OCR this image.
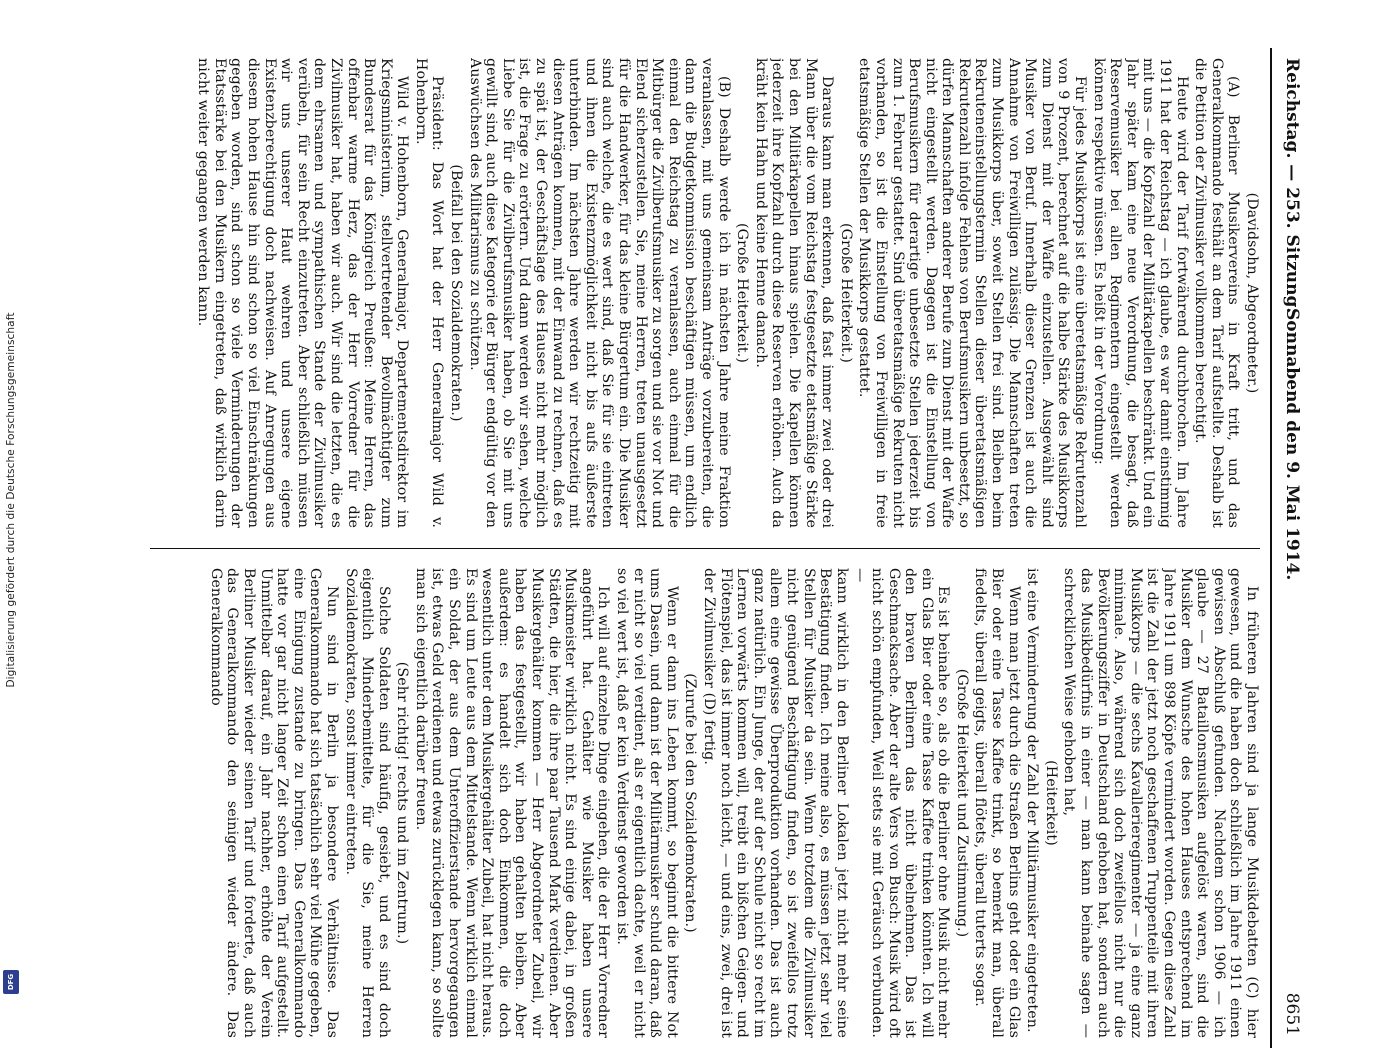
Digitalisierung gefördert durch die Deutsche Forschungsgemeinschaft
DFG
Reichstag. — 253. Sitzung.
Sonnabend den 9. Mai 1914.
8651

(Davidsohn, Abgeordneter.)

(A) Berliner Musikervereins in Kraft tritt, und das Generalkommando festhält an dem Tarif aufstellte. Deshalb ist die Petition der Zivilmusiker vollkommen berechtigt.

Heute wird der Tarif fortwährend durchbrochen. Im Jahre 1911 hat der Reichstag — ich glaube, es war damit einstimmig mit uns — die Kopfzahl der Militärkapellen beschränkt. Und ein Jahr später kam eine neue Verordnung, die besagt, daß Reservemusiker bei allen Regimentern eingestellt werden können respektive müssen. Es heißt in der Verordnung:

Für jedes Musikkorps ist eine überetatsmäßige Rekrutenzahl von 9 Prozent, berechnet auf die halbe Stärke des Musikkorps zum Dienst mit der Waffe einzustellen. Ausgewählt sind Musiker von Beruf. Innerhalb dieser Grenzen ist auch die Annahme von Freiwilligen zulässig. Die Mannschaften treten zum Musikkorps über, soweit Stellen frei sind. Bleiben beim Rekruteneinstellungstermin Stellen dieser überetatsmäßigen Rekrutenzahl infolge Fehlens von Berufsmusikern unbesetzt, so dürfen Mannschaften anderer Berufe zum Dienst mit der Waffe nicht eingestellt werden. Dagegen ist die Einstellung von Berufsmusikern für derartige unbesetzte Stellen jederzeit bis zum 1. Februar gestattet. Sind überetatsmäßige Rekruten nicht vorhanden, so ist die Einstellung von Freiwilligen in freie etatsmäßige Stellen der Musikkorps gestattet.

(Große Heiterkeit.)

Daraus kann man erkennen, daß fast immer zwei oder drei Mann über die vom Reichstag festgesetzte etatsmäßige Stärke bei den Militärkapellen hinaus spielen. Die Kapellen können jederzeit ihre Kopfzahl durch diese Reserven erhöhen. Auch da kräht kein Hahn und keine Henne danach.

(Große Heiterkeit.)

(B) Deshalb werde ich in nächsten Jahre meine Fraktion veranlassen, mit uns gemeinsam Anträge vorzubereiten, die dann die Budgetkommission beschäftigen müssen, um endlich einmal den Reichstag zu veranlassen, auch einmal für die Mitbürger die Zivilberufsmusiker zu sorgen und sie vor Not und Elend sicherzustellen. Sie, meine Herren, treten unausgesetzt für die Handwerker, für das kleine Bürgertum ein. Die Musiker sind auch welche, die es wert sind, daß Sie für sie eintreten und ihnen die Existenzmöglichkeit nicht bis aufs äußerste unterbinden. Im nächsten Jahre werden wir rechtzeitig mit diesen Anträgen kommen, mit der Einwand zu rechnen, daß es zu spät ist, der Geschäftslage des Hauses nicht mehr möglich ist, die Frage zu erörtern. Und dann werden wir sehen, welche Liebe Sie für die Zivilberufsmusiker haben, ob Sie mit uns gewillt sind, auch diese Kategorie der Bürger endgültig vor den Auswüchsen des Militarismus zu schützen.

(Beifall bei den Sozialdemokraten.)

Präsident: Das Wort hat der Herr Generalmajor Wild v. Hohenborn.

Wild v. Hohenborn, Generalmajor, Departementsdirektor im Kriegsministerium, stellvertretender Bevollmächtigter zum Bundesrat für das Königreich Preußen: Meine Herren, das offenbar warme Herz, das der Herr Vorredner für die Zivilmusiker hat, haben wir auch. Wir sind die letzten, die es dem ehrsamen und sympathischen Stande der Zivilmusiker verübeln, für sein Recht einzutreten. Aber schließlich müssen wir uns unserer Haut wehren und unsere eigene Existenzberechtigung doch nachweisen. Auf Anregungen aus diesem hohen Hause hin sind schon so viel Einschränkungen gegeben worden, sind schon so viele Verminderungen der Etatsstärke bei den Musikern eingetreten, daß wirklich darin nicht weiter gegangen werden kann.

In früheren Jahren sind ja lange Musikdebatten (C) hier gewesen, und die haben doch schließlich im Jahre 1911 einen gewissen Abschluß gefunden. Nachdem schon 1906 — ich glaube — 27 Bataillonsmusiken aufgelöst waren, sind die Musiker dem Wunsche des hohen Hauses entsprechend im Jahre 1911 um 898 Köpfe vermindert worden. Gegen diese Zahl ist die Zahl der jetzt noch geschaffenen Truppenteile mit ihren Musikkorps — die sechs Kavallerieregimenter — ja eine ganz minimale. Also, während sich doch zweifellos nicht nur die Bevölkerungsziffer in Deutschland gehoben hat, sondern auch das Musikbedürfnis in einer — man kann beinahe sagen — schrecklichen Weise gehoben hat,

(Heiterkeit)

ist eine Verminderung der Zahl der Militärmusiker eingetreten.

Wenn man jetzt durch die Straßen Berlins geht oder ein Glas Bier oder eine Tasse Kaffee trinkt, so bemerkt man, überall fiedelts, überall geigts, überall flötets, überall tuterts sogar.

(Große Heiterkeit und Zustimmung.)

Es ist beinahe so, als ob die Berliner ohne Musik nicht mehr ein Glas Bier oder eine Tasse Kaffee trinken könnten. Ich will den braven Berlinern das nicht übelnehmen. Das ist Geschmacksache. Aber der alte Vers von Busch: Musik wird oft nicht schön empfunden, Weil stets sie mit Geräusch verbunden. —

kann wirklich in den Berliner Lokalen jetzt nicht mehr seine Bestätigung finden. Ich meine also, es müssen jetzt sehr viel Stellen für Musiker da sein. Wenn trotzdem die Zivilmusiker nicht genügend Beschäftigung finden, so ist zweifellos trotz allem eine gewisse Überproduktion vorhanden. Das ist auch ganz natürlich. Ein Junge, der auf der Schule nicht so recht im Lernen vorwärts kommen will, treibt ein bißchen Geigen- und Flötenspiel, das ist immer noch leicht, — und eins, zwei, drei ist der Zivilmusiker (D) fertig.

(Zurufe bei den Sozialdemokraten.)

Wenn er dann ins Leben kommt, so beginnt die bittere Not ums Dasein, und dann ist der Militärmusiker schuld daran, daß er nicht so viel verdient, als er eigentlich dachte, weil er nicht so viel wert ist, daß er kein Verdienst geworden ist.

Ich will auf einzelne Dinge eingehen, die der Herr Vorredner angeführt hat. Gehälter wie Musiker haben unsere Musikmeister wirklich nicht. Es sind einige dabei, in großen Städten, die hier, die ihre paar Tausend Mark verdienen. Aber Musikergehälter kommen — Herr Abgeordneter Zubeil, wir haben das festgestellt, wir haben gehalten bleiben. Aber außerdem: es handelt sich doch Einkommen, die doch wesentlich unter dem Musikergehälter Zubeil, hat nicht heraus. Es sind um Leute aus dem Mittelstande. Wenn wirklich einmal ein Soldat, der aus dem Unteroffizierstande hervorgegangen ist, etwas Geld verdienen und etwas zurücklegen kann, so sollte man sich eigentlich darüber freuen.

(Sehr richtig! rechts und im Zentrum.)

Solche Soldaten sind häufig, gesiebt, und es sind doch eigentlich Minderbemittelte, für die Sie, meine Herren Sozialdemokraten, sonst immer eintreten.

Nun sind in Berlin ja besondere Verhältnisse. Das Generalkommando hat sich tatsächlich sehr viel Mühe gegeben, eine Einigung zustande zu bringen. Das Generalkommando hatte vor gar nicht langer Zeit schon einen Tarif aufgestellt. Unmittelbar darauf, ein Jahr nachher, erhöhte der Verein Berliner Musiker wieder seinen Tarif und forderte, daß auch das Generalkommando den seinigen wieder ändere. Das Generalkommando
